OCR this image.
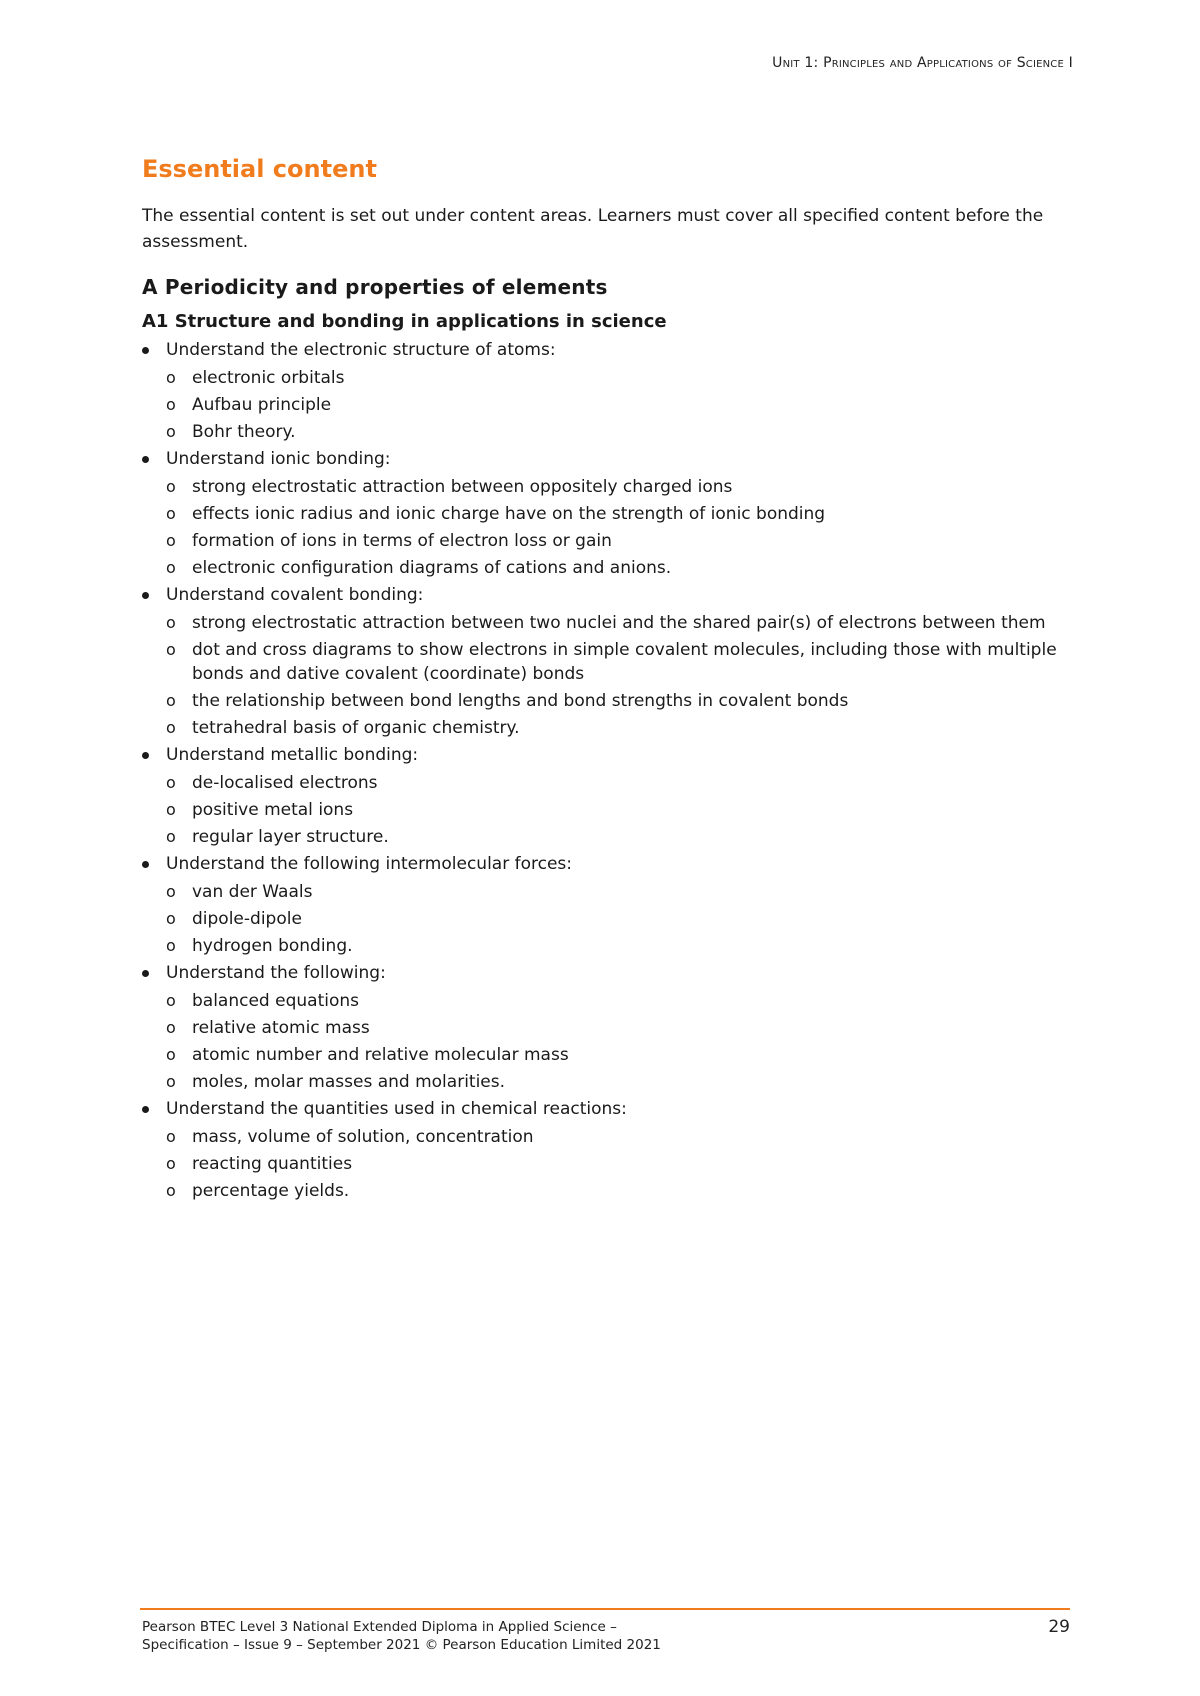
Unit 1: Principles and Applications of Science I
Essential content

The essential content is set out under content areas. Learners must cover all specified content before the assessment.

A Periodicity and properties of elements
A1 Structure and bonding in applications in science
Understand the electronic structure of atoms:
o electronic orbitals
o Aufbau principle
o Bohr theory.
Understand ionic bonding:
o strong electrostatic attraction between oppositely charged ions
o effects ionic radius and ionic charge have on the strength of ionic bonding
o formation of ions in terms of electron loss or gain
o electronic configuration diagrams of cations and anions.
Understand covalent bonding:
o strong electrostatic attraction between two nuclei and the shared pair(s) of electrons between them
o dot and cross diagrams to show electrons in simple covalent molecules, including those with multiple bonds and dative covalent (coordinate) bonds
o the relationship between bond lengths and bond strengths in covalent bonds
o tetrahedral basis of organic chemistry.
Understand metallic bonding:
o de-localised electrons
o positive metal ions
o regular layer structure.
Understand the following intermolecular forces:
o van der Waals
o dipole-dipole
o hydrogen bonding.
Understand the following:
o balanced equations
o relative atomic mass
o atomic number and relative molecular mass
o moles, molar masses and molarities.
Understand the quantities used in chemical reactions:
o mass, volume of solution, concentration
o reacting quantities
o percentage yields.
Pearson BTEC Level 3 National Extended Diploma in Applied Science –
Specification – Issue 9 – September 2021 © Pearson Education Limited 2021
29
